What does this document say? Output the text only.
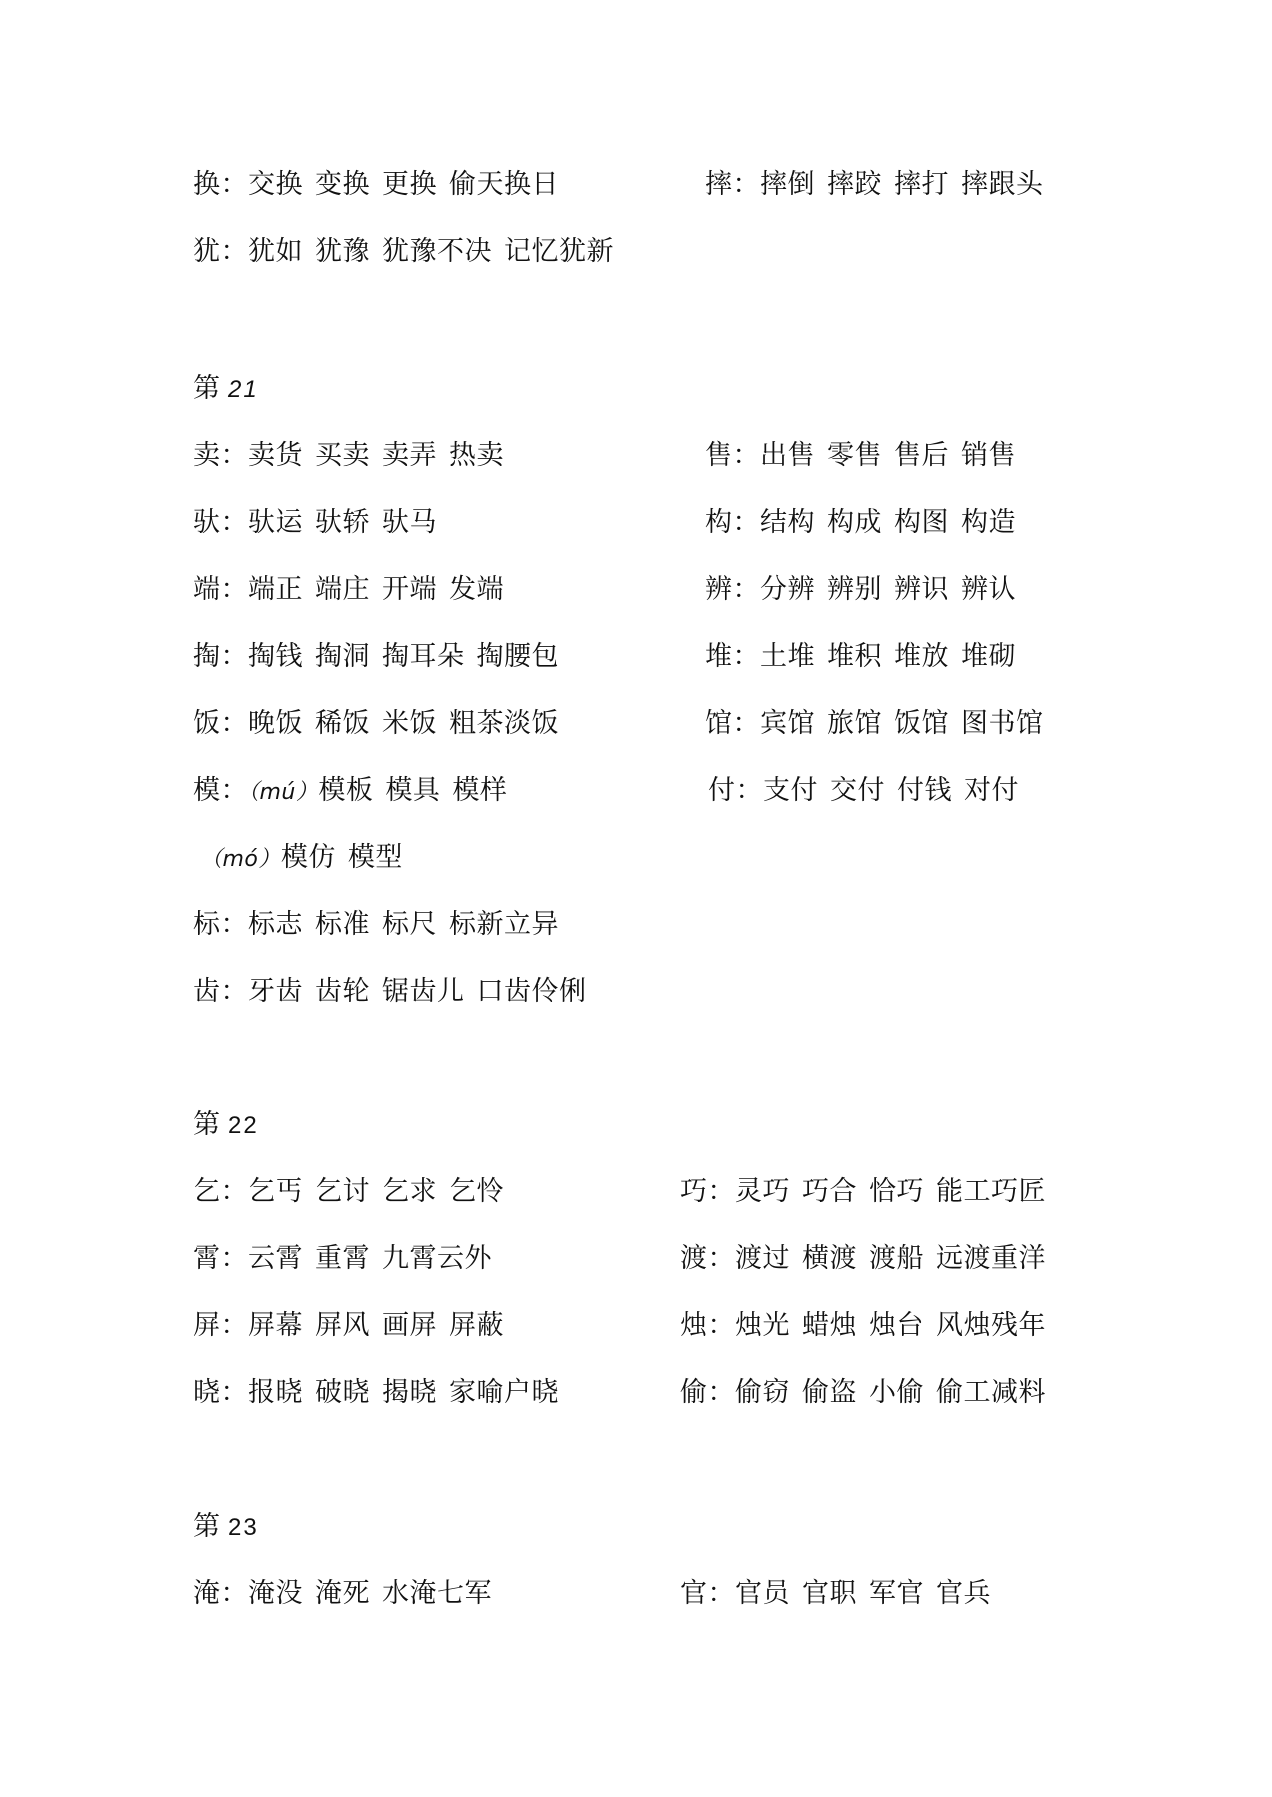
换：交换 变换 更换 偷天换日	摔：摔倒 摔跤 摔打 摔跟头
犹：犹如 犹豫 犹豫不决 记忆犹新
第 21
卖：卖货 买卖 卖弄 热卖	售：出售 零售 售后 销售
驮：驮运 驮轿 驮马	构：结构 构成 构图 构造
端：端正 端庄 开端 发端	辨：分辨 辨别 辨识 辨认
掏：掏钱 掏洞 掏耳朵 掏腰包	堆：土堆 堆积 堆放 堆砌
饭：晚饭 稀饭 米饭 粗茶淡饭	馆：宾馆 旅馆 饭馆 图书馆
模：（mú）模板 模具 模样	付：支付 交付 付钱 对付
（mó）模仿 模型
标：标志 标准 标尺 标新立异
齿：牙齿 齿轮 锯齿儿 口齿伶俐
第 22
乞：乞丐 乞讨 乞求 乞怜	巧：灵巧 巧合 恰巧 能工巧匠
霄：云霄 重霄 九霄云外	渡：渡过 横渡 渡船 远渡重洋
屏：屏幕 屏风 画屏 屏蔽	烛：烛光 蜡烛 烛台 风烛残年
晓：报晓 破晓 揭晓 家喻户晓	偷：偷窃 偷盗 小偷 偷工减料
第 23
淹：淹没 淹死 水淹七军	官：官员 官职 军官 官兵
